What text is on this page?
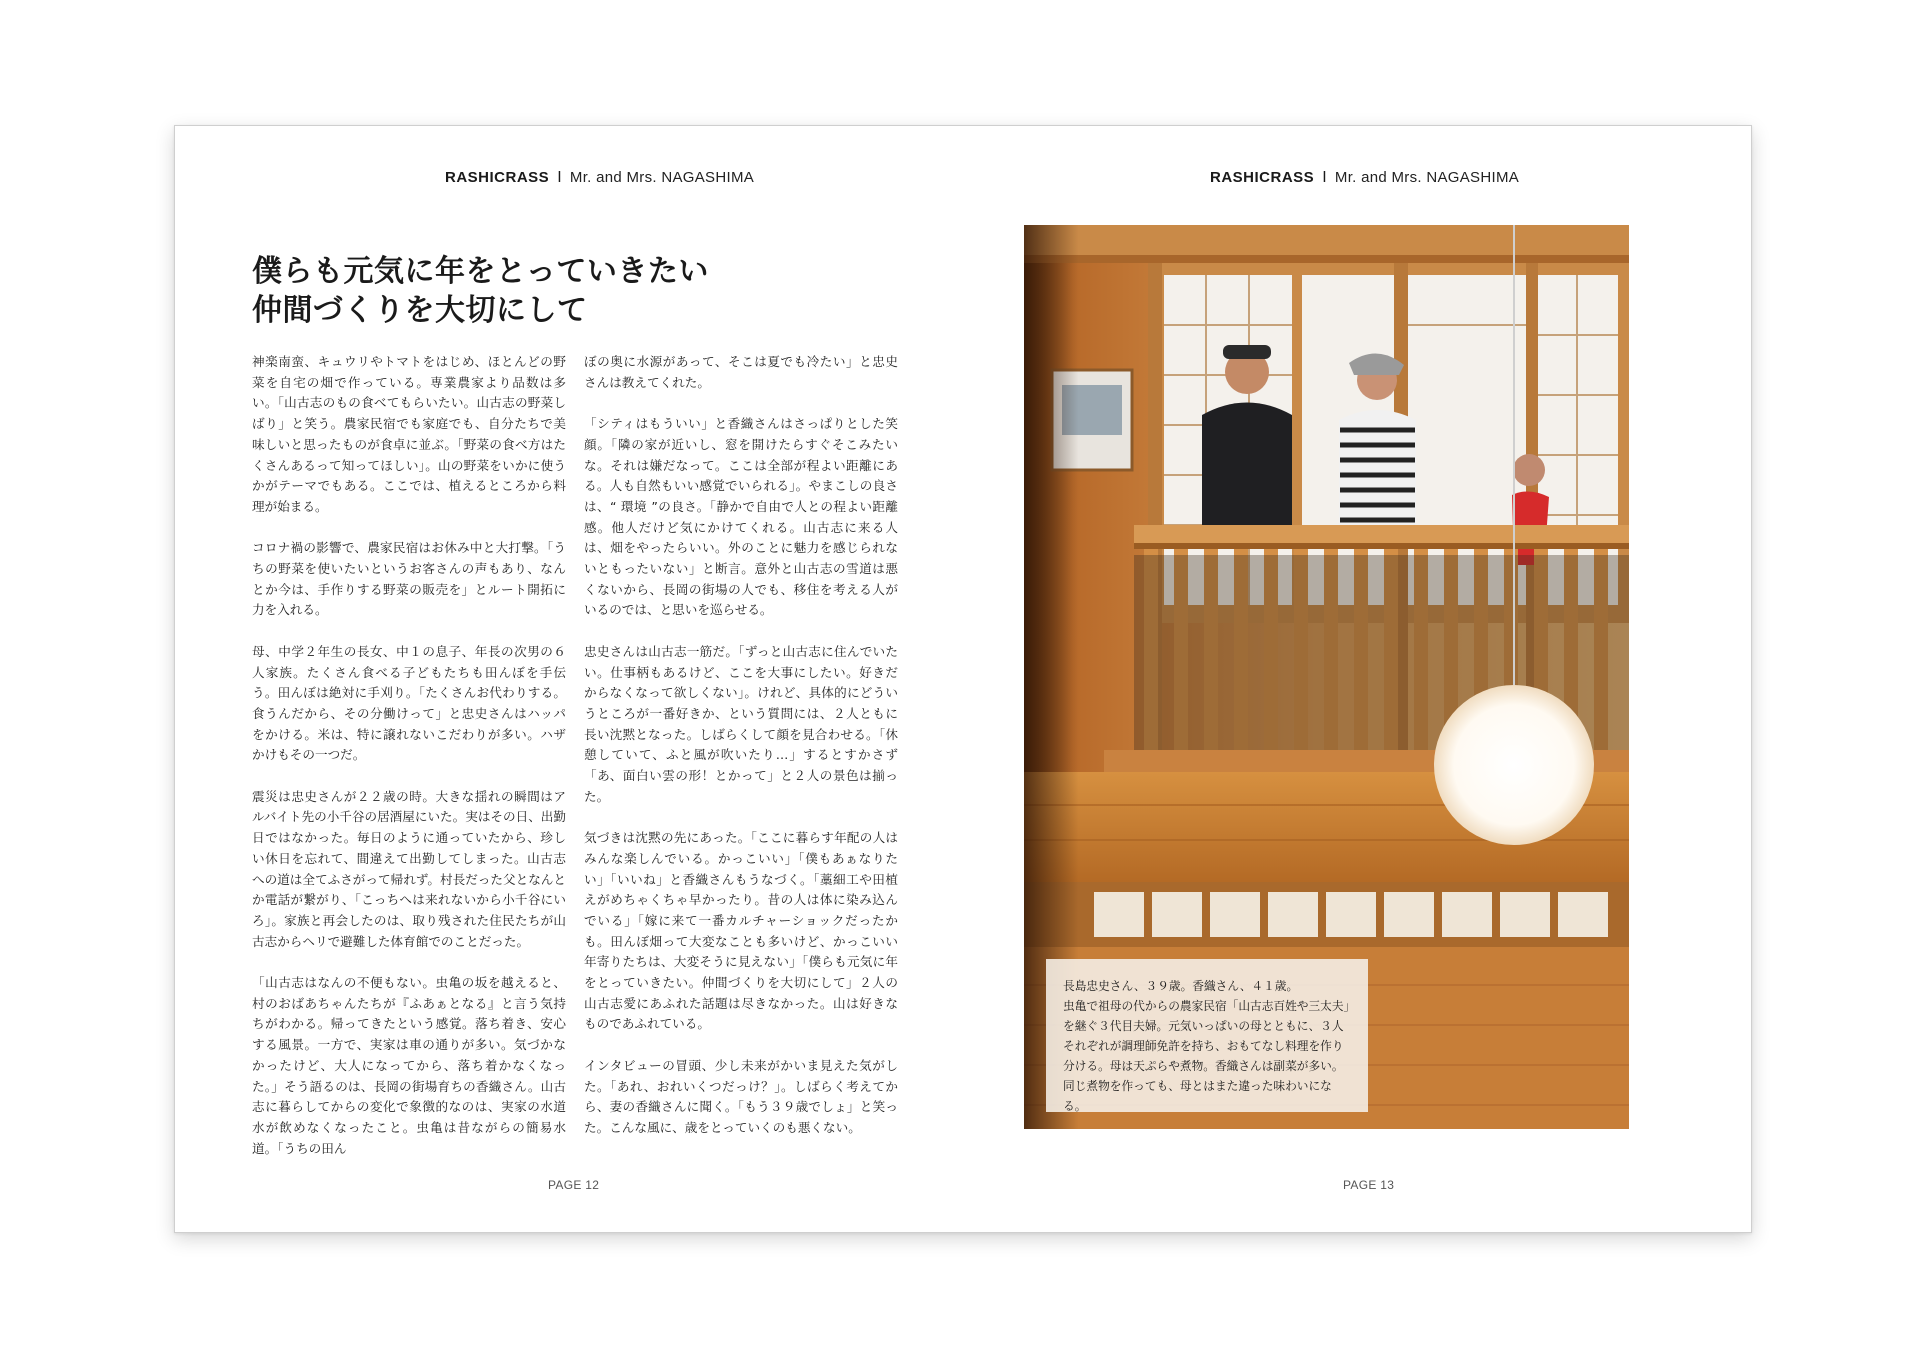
RASHICRASS I Mr. and Mrs. NAGASHIMA
僕らも元気に年をとっていきたい
仲間づくりを大切にして

神楽南蛮、キュウリやトマトをはじめ、ほとんどの野菜を自宅の畑で作っている。専業農家より品数は多い。「山古志のもの食べてもらいたい。山古志の野菜しばり」と笑う。農家民宿でも家庭でも、自分たちで美味しいと思ったものが食卓に並ぶ。「野菜の食べ方はたくさんあるって知ってほしい」。山の野菜をいかに使うかがテーマでもある。ここでは、植えるところから料理が始まる。

コロナ禍の影響で、農家民宿はお休み中と大打撃。「うちの野菜を使いたいというお客さんの声もあり、なんとか今は、手作りする野菜の販売を」とルート開拓に力を入れる。

母、中学２年生の長女、中１の息子、年長の次男の６人家族。たくさん食べる子どもたちも田んぼを手伝う。田んぼは絶対に手刈り。「たくさんお代わりする。食うんだから、その分働けって」と忠史さんはハッパをかける。米は、特に譲れないこだわりが多い。ハザかけもその一つだ。

震災は忠史さんが２２歳の時。大きな揺れの瞬間はアルバイト先の小千谷の居酒屋にいた。実はその日、出勤日ではなかった。毎日のように通っていたから、珍しい休日を忘れて、間違えて出勤してしまった。山古志への道は全てふさがって帰れず。村長だった父となんとか電話が繋がり、「こっちへは来れないから小千谷にいろ」。家族と再会したのは、取り残された住民たちが山古志からヘリで避難した体育館でのことだった。

「山古志はなんの不便もない。虫亀の坂を越えると、村のおばあちゃんたちが『ふあぁとなる』と言う気持ちがわかる。帰ってきたという感覚。落ち着き、安心する風景。一方で、実家は車の通りが多い。気づかなかったけど、大人になってから、落ち着かなくなった。」そう語るのは、長岡の街場育ちの香織さん。山古志に暮らしてからの変化で象徴的なのは、実家の水道水が飲めなくなったこと。虫亀は昔ながらの簡易水道。「うちの田ん

ぼの奥に水源があって、そこは夏でも冷たい」と忠史さんは教えてくれた。

「シティはもういい」と香織さんはさっぱりとした笑顔。「隣の家が近いし、窓を開けたらすぐそこみたいな。それは嫌だなって。ここは全部が程よい距離にある。人も自然もいい感覚でいられる」。やまこしの良さは、“ 環境 ”の良さ。「静かで自由で人との程よい距離感。他人だけど気にかけてくれる。山古志に来る人は、畑をやったらいい。外のことに魅力を感じられないともったいない」と断言。意外と山古志の雪道は悪くないから、長岡の街場の人でも、移住を考える人がいるのでは、と思いを巡らせる。

忠史さんは山古志一筋だ。「ずっと山古志に住んでいたい。仕事柄もあるけど、ここを大事にしたい。好きだからなくなって欲しくない」。けれど、具体的にどういうところが一番好きか、という質問には、２人ともに長い沈黙となった。しばらくして顔を見合わせる。「休憩していて、ふと風が吹いたり…」するとすかさず「あ、面白い雲の形！とかって」と２人の景色は揃った。

気づきは沈黙の先にあった。「ここに暮らす年配の人はみんな楽しんでいる。かっこいい」「僕もあぁなりたい」「いいね」と香織さんもうなづく。「藁細工や田植えがめちゃくちゃ早かったり。昔の人は体に染み込んでいる」「嫁に来て一番カルチャーショックだったかも。田んぼ畑って大変なことも多いけど、かっこいい年寄りたちは、大変そうに見えない」「僕らも元気に年をとっていきたい。仲間づくりを大切にして」２人の山古志愛にあふれた話題は尽きなかった。山は好きなものであふれている。

インタビューの冒頭、少し未来がかいま見えた気がした。「あれ、おれいくつだっけ？」。しばらく考えてから、妻の香織さんに聞く。「もう３９歳でしょ」と笑った。こんな風に、歳をとっていくのも悪くない。

PAGE 12
RASHICRASS I Mr. and Mrs. NAGASHIMA

長島忠史さん、３９歳。香織さん、４１歳。

虫亀で祖母の代からの農家民宿「山古志百姓や三太夫」を継ぐ３代目夫婦。元気いっぱいの母とともに、３人それぞれが調理師免許を持ち、おもてなし料理を作り分ける。母は天ぷらや煮物。香織さんは副菜が多い。同じ煮物を作っても、母とはまた違った味わいになる。

PAGE 13
